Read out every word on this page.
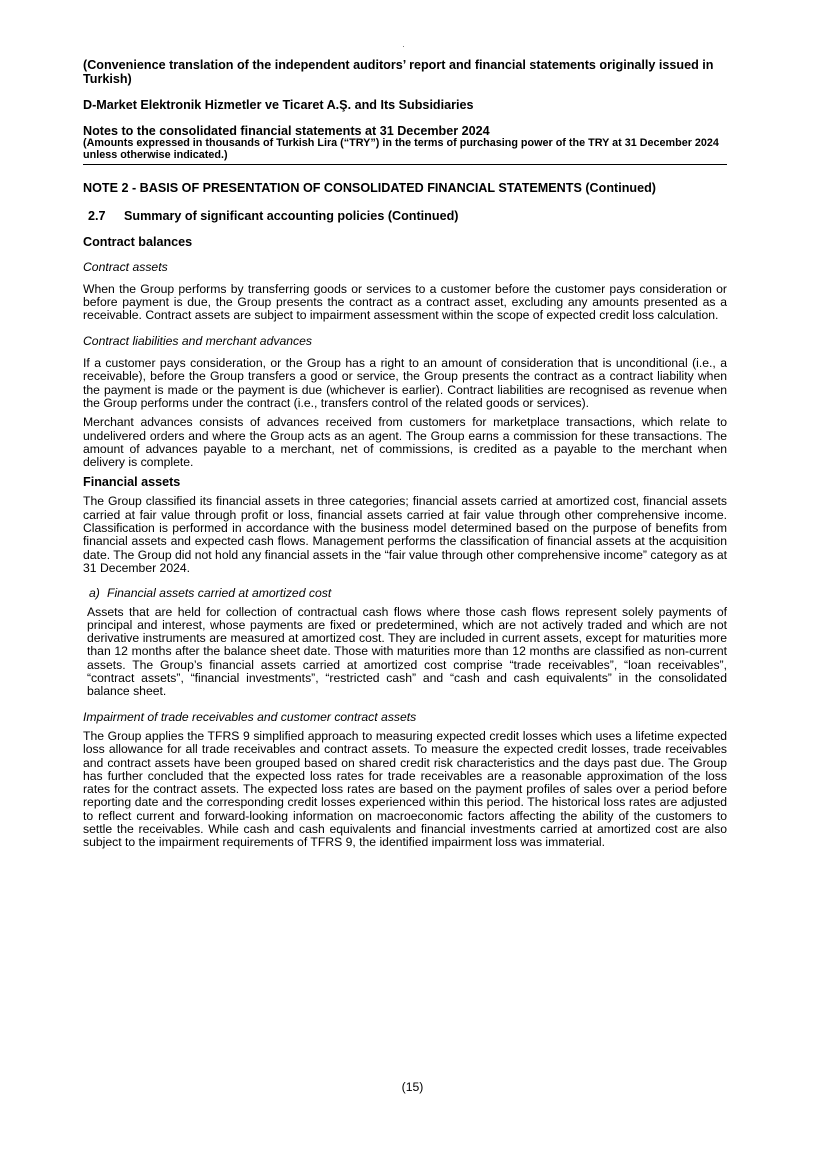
(Convenience translation of the independent auditors’ report and financial statements originally issued in Turkish)
D-Market Elektronik Hizmetler ve Ticaret A.Ş. and Its Subsidiaries
Notes to the consolidated financial statements at 31 December 2024
(Amounts expressed in thousands of Turkish Lira (“TRY”) in the terms of purchasing power of the TRY at 31 December 2024 unless otherwise indicated.)
NOTE 2 - BASIS OF PRESENTATION OF CONSOLIDATED FINANCIAL STATEMENTS (Continued)
2.7 Summary of significant accounting policies (Continued)
Contract balances
Contract assets

When the Group performs by transferring goods or services to a customer before the customer pays consideration or before payment is due, the Group presents the contract as a contract asset, excluding any amounts presented as a receivable. Contract assets are subject to impairment assessment within the scope of expected credit loss calculation.

Contract liabilities and merchant advances

If a customer pays consideration, or the Group has a right to an amount of consideration that is unconditional (i.e., a receivable), before the Group transfers a good or service, the Group presents the contract as a contract liability when the payment is made or the payment is due (whichever is earlier). Contract liabilities are recognised as revenue when the Group performs under the contract (i.e., transfers control of the related goods or services).

Merchant advances consists of advances received from customers for marketplace transactions, which relate to undelivered orders and where the Group acts as an agent. The Group earns a commission for these transactions. The amount of advances payable to a merchant, net of commissions, is credited as a payable to the merchant when delivery is complete.

Financial assets

The Group classified its financial assets in three categories; financial assets carried at amortized cost, financial assets carried at fair value through profit or loss, financial assets carried at fair value through other comprehensive income. Classification is performed in accordance with the business model determined based on the purpose of benefits from financial assets and expected cash flows. Management performs the classification of financial assets at the acquisition date. The Group did not hold any financial assets in the “fair value through other comprehensive income” category as at 31 December 2024.

a) Financial assets carried at amortized cost

Assets that are held for collection of contractual cash flows where those cash flows represent solely payments of principal and interest, whose payments are fixed or predetermined, which are not actively traded and which are not derivative instruments are measured at amortized cost. They are included in current assets, except for maturities more than 12 months after the balance sheet date. Those with maturities more than 12 months are classified as non-current assets. The Group’s financial assets carried at amortized cost comprise “trade receivables”, “loan receivables”, “contract assets”, “financial investments”, “restricted cash” and “cash and cash equivalents” in the consolidated balance sheet.

Impairment of trade receivables and customer contract assets

The Group applies the TFRS 9 simplified approach to measuring expected credit losses which uses a lifetime expected loss allowance for all trade receivables and contract assets. To measure the expected credit losses, trade receivables and contract assets have been grouped based on shared credit risk characteristics and the days past due. The Group has further concluded that the expected loss rates for trade receivables are a reasonable approximation of the loss rates for the contract assets. The expected loss rates are based on the payment profiles of sales over a period before reporting date and the corresponding credit losses experienced within this period. The historical loss rates are adjusted to reflect current and forward-looking information on macroeconomic factors affecting the ability of the customers to settle the receivables. While cash and cash equivalents and financial investments carried at amortized cost are also subject to the impairment requirements of TFRS 9, the identified impairment loss was immaterial.

(15)
